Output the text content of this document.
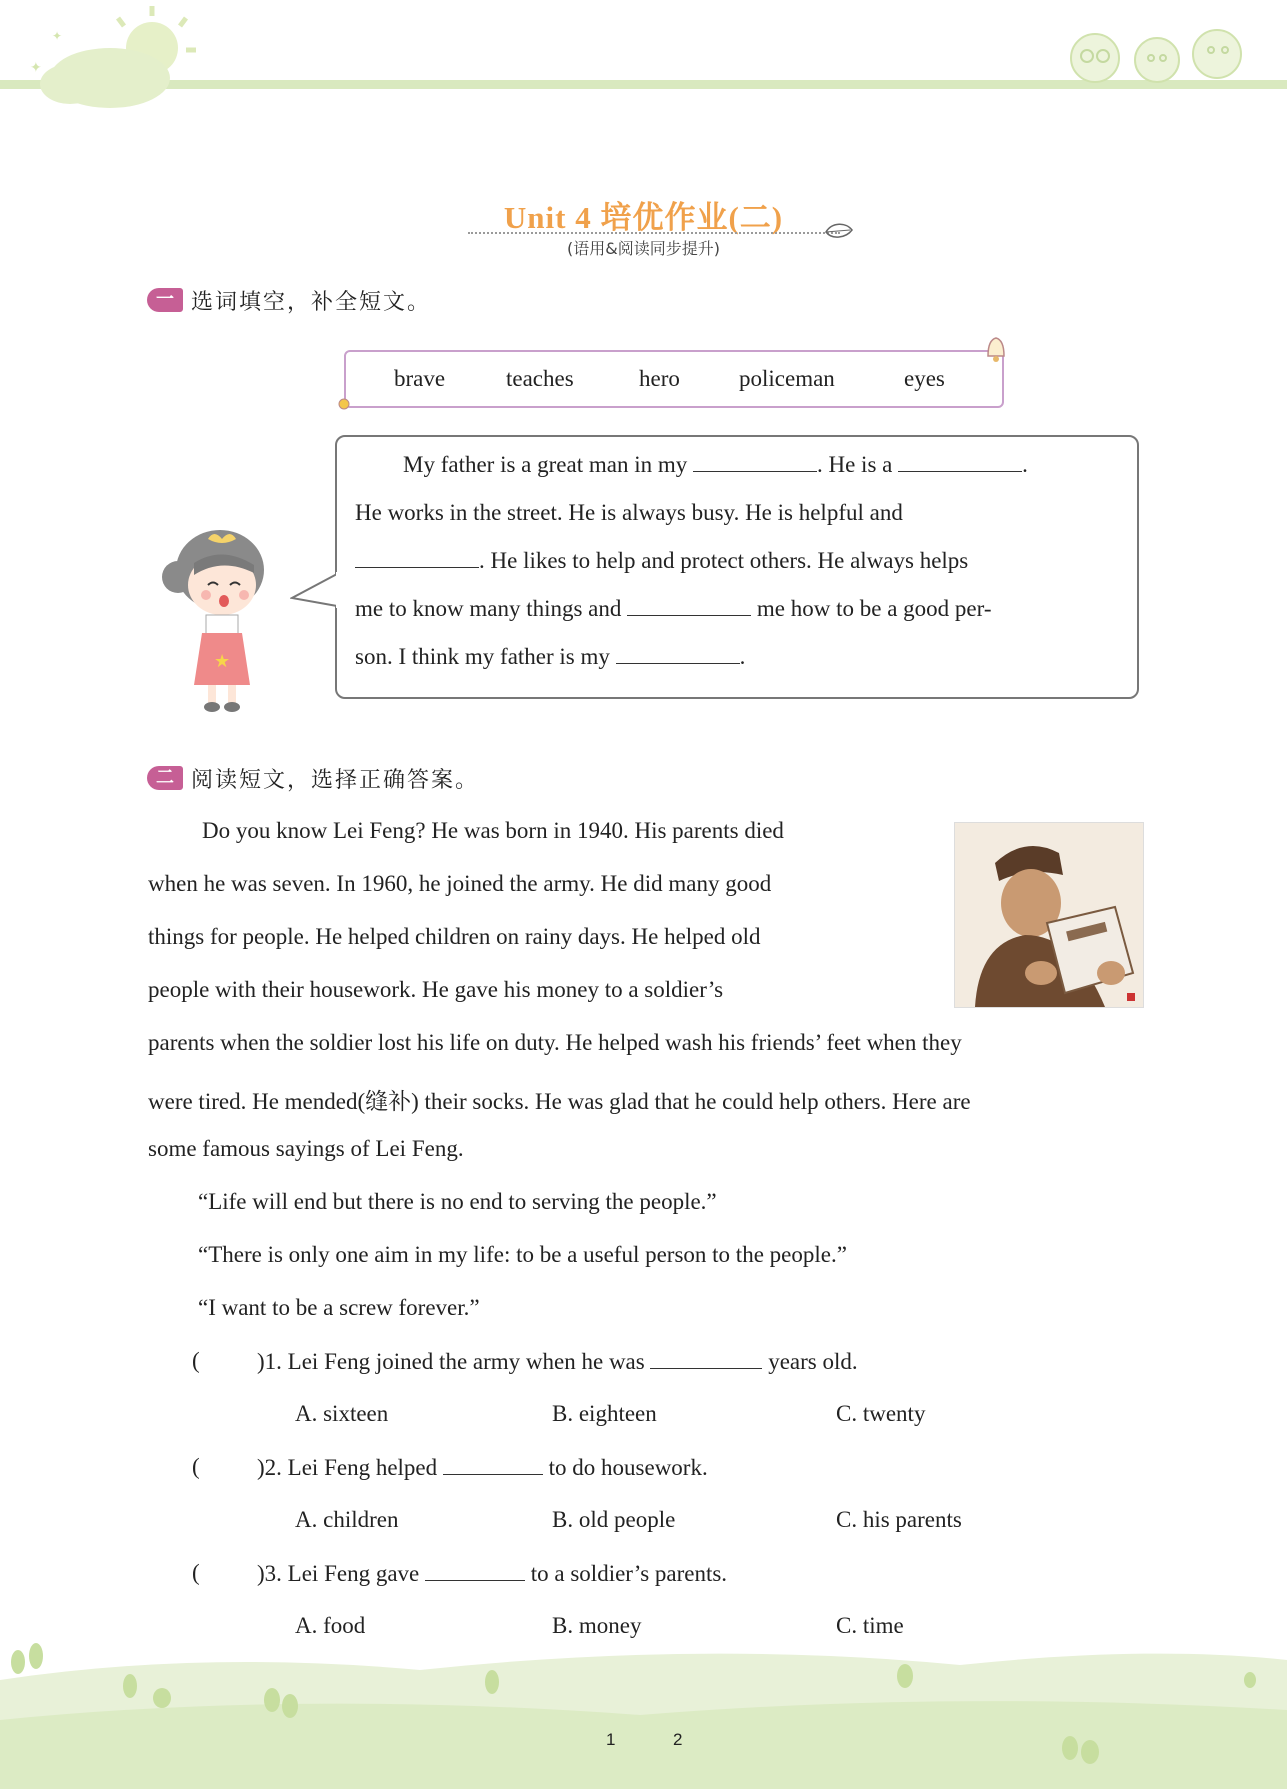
✦
✦
Unit 4 培优作业(二)
(语用&阅读同步提升)
一 选词填空，补全短文。
brave	teaches	hero	policeman	eyes
★
My father is a great man in my	. He is a	.
He works in the street. He is always busy. He is helpful and
. He likes to help and protect others. He always helps
me to know many things and	me how to be a good per-
son. I think my father is my	.
二 阅读短文，选择正确答案。
Do you know Lei Feng? He was born in 1940. His parents died
when he was seven. In 1960, he joined the army. He did many good
things for people. He helped children on rainy days. He helped old
people with their housework. He gave his money to a soldier’s
parents when the soldier lost his life on duty. He helped wash his friends’ feet when they
were tired. He mended(缝补) their socks. He was glad that he could help others. Here are
some famous sayings of Lei Feng.
“Life will end but there is no end to serving the people.”
“There is only one aim in my life: to be a useful person to the people.”
“I want to be a screw forever.”
( )1. Lei Feng joined the army when he was	years old.
A. sixteen	B. eighteen	C. twenty
( )2. Lei Feng helped	to do housework.
A. children	B. old people	C. his parents
( )3. Lei Feng gave	to a soldier’s parents.
A. food	B. money	C. time
1	2
